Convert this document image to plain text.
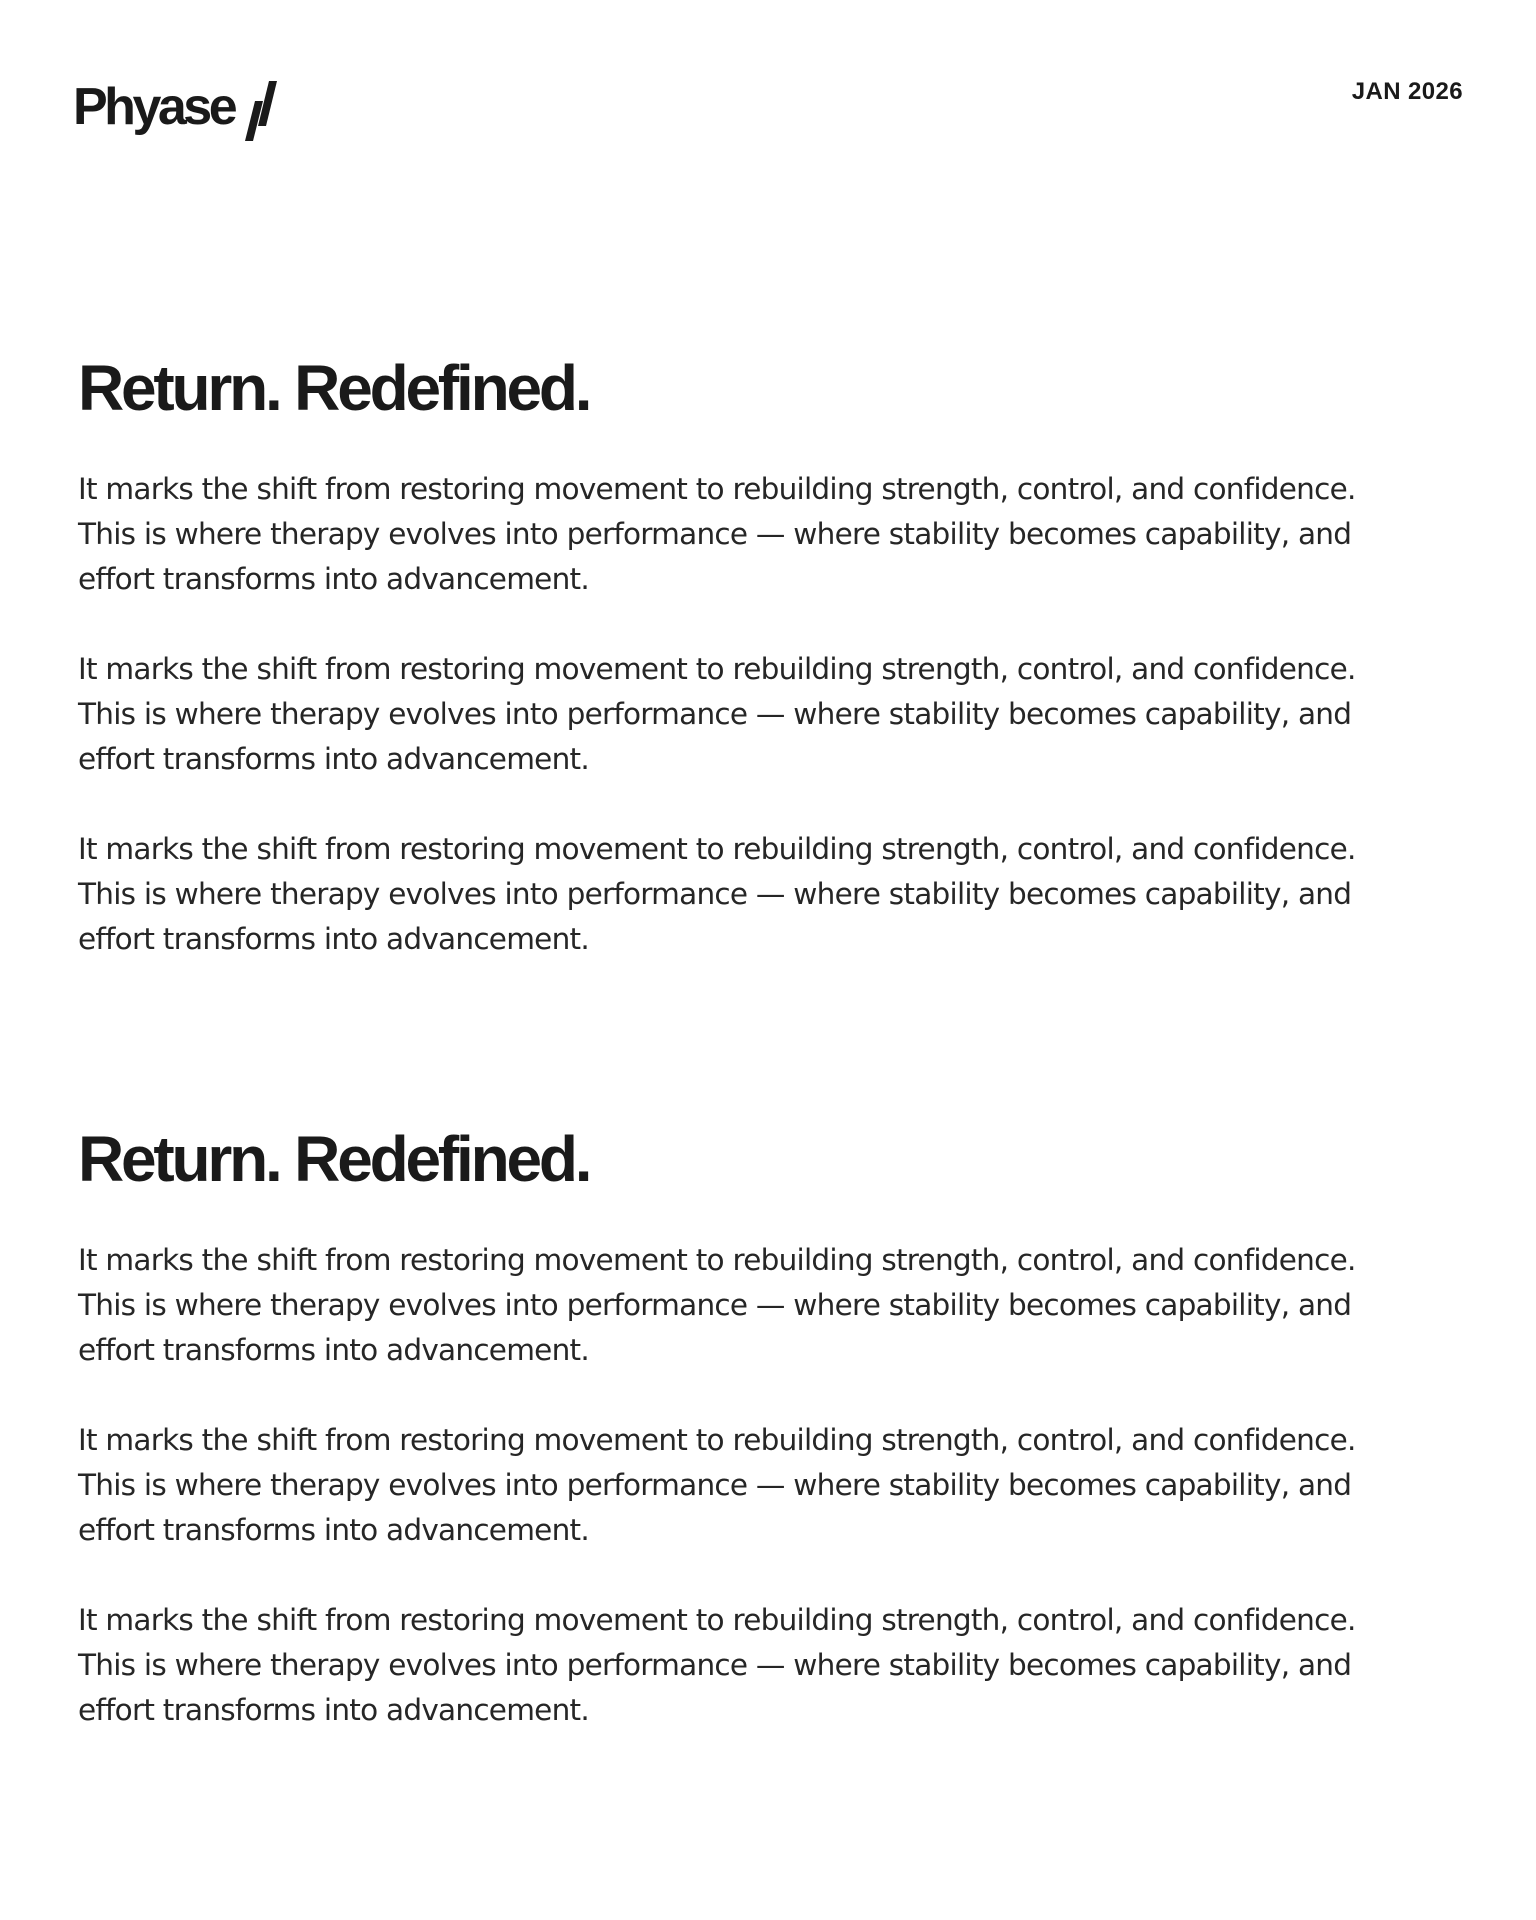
Phyase	JAN 2026
Return. Redefined.

It marks the shift from restoring movement to rebuilding strength, control, and confidence.
This is where therapy evolves into performance — where stability becomes capability, and
effort transforms into advancement.

It marks the shift from restoring movement to rebuilding strength, control, and confidence.
This is where therapy evolves into performance — where stability becomes capability, and
effort transforms into advancement.

It marks the shift from restoring movement to rebuilding strength, control, and confidence.
This is where therapy evolves into performance — where stability becomes capability, and
effort transforms into advancement.

Return. Redefined.

It marks the shift from restoring movement to rebuilding strength, control, and confidence.
This is where therapy evolves into performance — where stability becomes capability, and
effort transforms into advancement.

It marks the shift from restoring movement to rebuilding strength, control, and confidence.
This is where therapy evolves into performance — where stability becomes capability, and
effort transforms into advancement.

It marks the shift from restoring movement to rebuilding strength, control, and confidence.
This is where therapy evolves into performance — where stability becomes capability, and
effort transforms into advancement.
